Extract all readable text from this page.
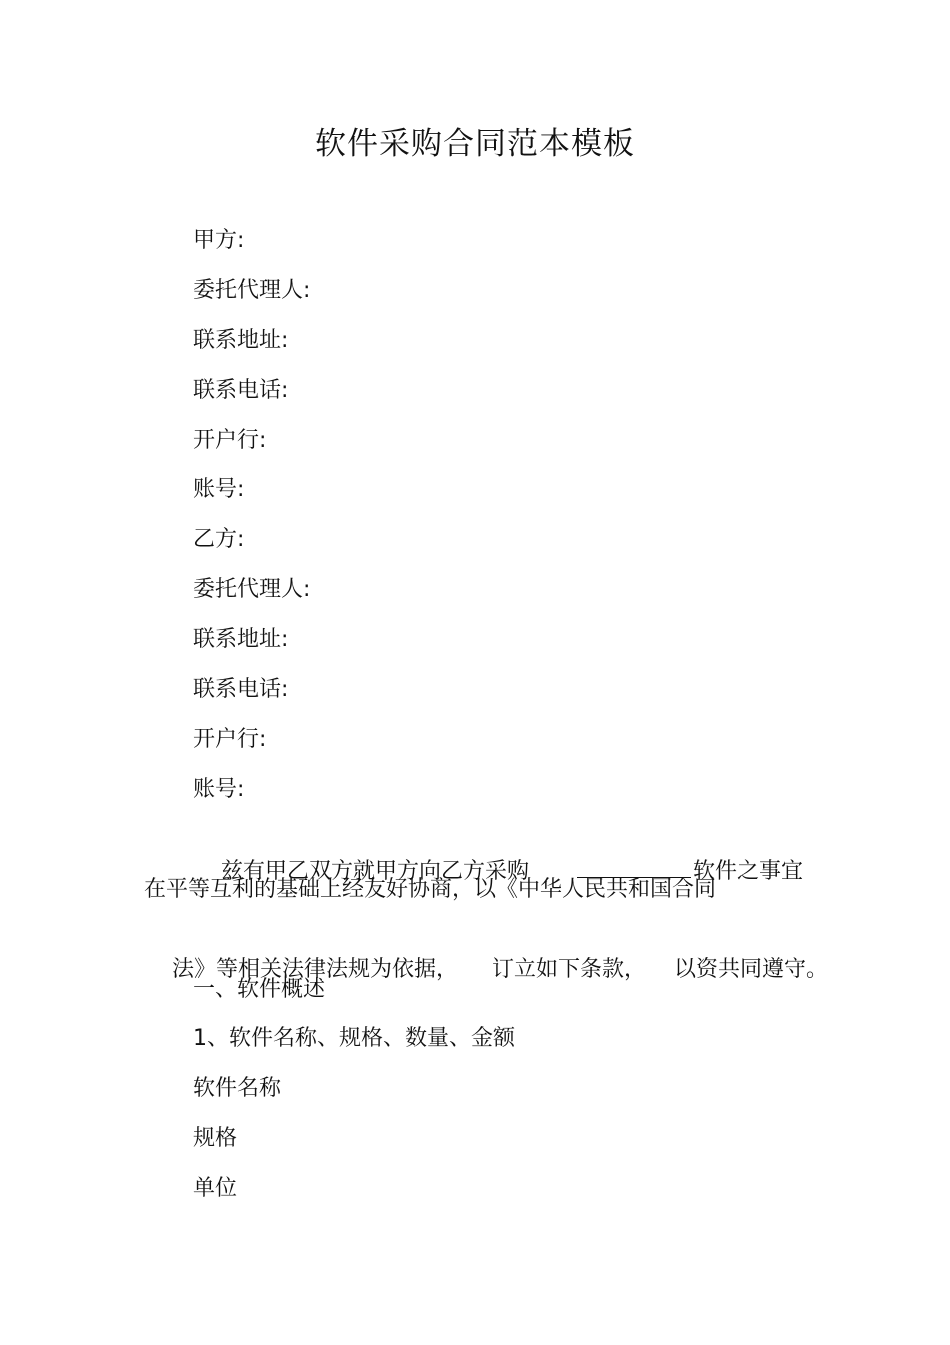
软件采购合同范本模板
甲方:
委托代理人:
联系地址:
联系电话:
开户行:
账号:
乙方:
委托代理人:
联系地址:
联系电话:
开户行:
账号:

兹有甲乙双方就甲方向乙方采购	软件之事宜

在平等互利的基础上经友好协商，以《中华人民共和国合同

法》等相关法律法规为依据， 订立如下条款， 以资共同遵守。

一、软件概述
1、软件名称、规格、数量、金额
软件名称
规格
单位
